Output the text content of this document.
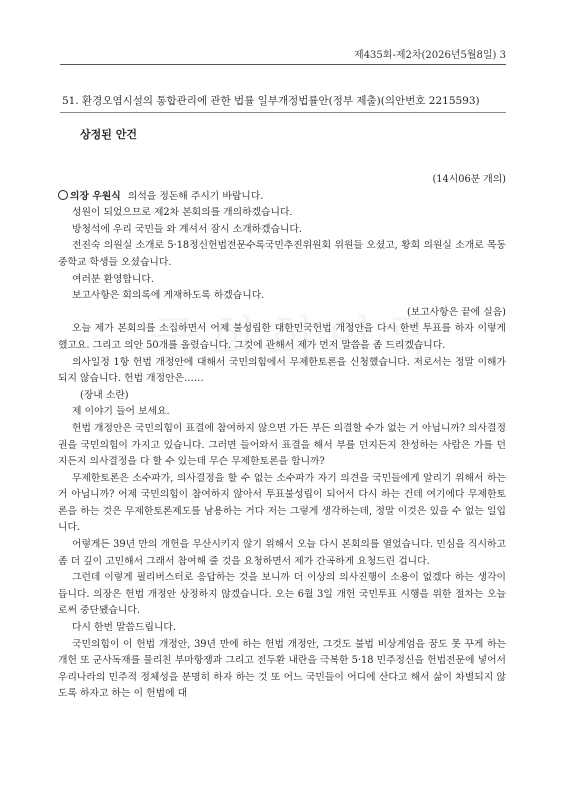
제435회-제2차(2026년5월8일) 3
51. 환경오염시설의 통합관리에 관한 법률 일부개정법률안(정부 제출)(의안번호 2215593)
상정된 안건

(14시06분 개의)

의장 우원식 의석을 정돈해 주시기 바랍니다.

성원이 되었으므로 제2차 본회의를 개의하겠습니다.

방청석에 우리 국민들 와 계셔서 잠시 소개하겠습니다.

전진숙 의원실 소개로 5·18정신헌법전문수록국민추진위원회 위원들 오셨고, 황희 의원실 소개로 목동중학교 학생들 오셨습니다.

여러분 환영합니다.

보고사항은 회의록에 게재하도록 하겠습니다.

(보고사항은 끝에 실음)

오늘 제가 본회의를 소집하면서 어제 불성립한 대한민국헌법 개정안을 다시 한번 투표를 하자 이렇게 했고요. 그리고 의안 50개를 올렸습니다. 그것에 관해서 제가 먼저 말씀을 좀 드리겠습니다.

의사일정 1항 헌법 개정안에 대해서 국민의힘에서 무제한토론을 신청했습니다. 저로서는 정말 이해가 되지 않습니다. 헌법 개정안은……

(장내 소란)

제 이야기 들어 보세요.

헌법 개정안은 국민의힘이 표결에 참여하지 않으면 가든 부든 의결할 수가 없는 거 아닙니까? 의사결정권을 국민의힘이 가지고 있습니다. 그러면 들어와서 표결을 해서 부를 던지든지 찬성하는 사람은 가를 던지든지 의사결정을 다 할 수 있는데 무슨 무제한토론을 합니까?

무제한토론은 소수파가, 의사결정을 할 수 없는 소수파가 자기 의견을 국민들에게 알리기 위해서 하는 거 아닙니까? 어제 국민의힘이 참여하지 않아서 투표불성립이 되어서 다시 하는 건데 여기에다 무제한토론을 하는 것은 무제한토론제도를 남용하는 거다 저는 그렇게 생각하는데, 정말 이것은 있을 수 없는 일입니다.

어렇게든 39년 만의 개헌을 무산시키지 않기 위해서 오늘 다시 본회의를 열었습니다. 민심을 직시하고 좀 더 깊이 고민해서 그래서 참여해 줄 것을 요청하면서 제가 간곡하게 요청드린 겁니다.

그런데 이렇게 필리버스터로 응답하는 것을 보니까 더 이상의 의사진행이 소용이 없겠다 하는 생각이 듭니다. 의장은 헌법 개정안 상정하지 않겠습니다. 오는 6월 3일 개헌 국민투표 시행을 위한 절차는 오늘로써 중단됐습니다.

다시 한번 말씀드립니다.

국민의힘이 이 헌법 개정안, 39년 만에 하는 헌법 개정안, 그것도 불법 비상계엄을 꿈도 못 꾸게 하는 개헌 또 군사독재를 물리친 부마항쟁과 그리고 전두환 내란을 극복한 5·18 민주정신을 헌법전문에 넣어서 우리나라의 민주적 정체성을 분명히 하자 하는 것 또 어느 국민들이 어디에 산다고 해서 삶이 차별되지 않도록 하자고 하는 이 헌법에 대
